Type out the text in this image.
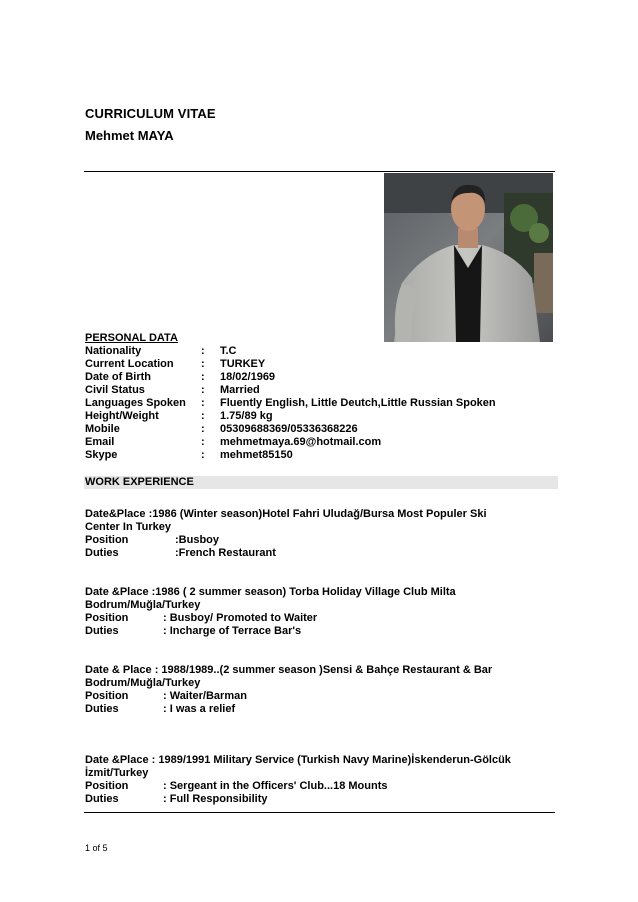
CURRICULUM VITAE
Mehmet MAYA
PERSONAL DATA
Nationality	: T.C
Current Location : TURKEY
Date of Birth	: 18/02/1969
Civil Status	: Married
Languages Spoken : Fluently English, Little Deutch,Little Russian Spoken
Height/Weight	: 1.75/89 kg
Mobile	: 05309688369/05336368226
Email	: mehmetmaya.69@hotmail.com
Skype	: mehmet85150
WORK EXPERIENCE
Date&Place :1986 (Winter season)Hotel Fahri Uludağ/Bursa Most Populer Ski
Center In Turkey
Position	:Busboy
Duties	:French Restaurant
Date &Place :1986 ( 2 summer season) Torba Holiday Village Club Milta
Bodrum/Muğla/Turkey
Position	: Busboy/ Promoted to Waiter
Duties	: Incharge of Terrace Bar's
Date & Place : 1988/1989..(2 summer season )Sensi & Bahçe Restaurant & Bar
Bodrum/Muğla/Turkey
Position	: Waiter/Barman
Duties	: I was a relief
Date &Place : 1989/1991 Military Service (Turkish Navy Marine)İskenderun-Gölcük
İzmit/Turkey
Position	: Sergeant in the Officers' Club...18 Mounts
Duties	: Full Responsibility
1 of 5
